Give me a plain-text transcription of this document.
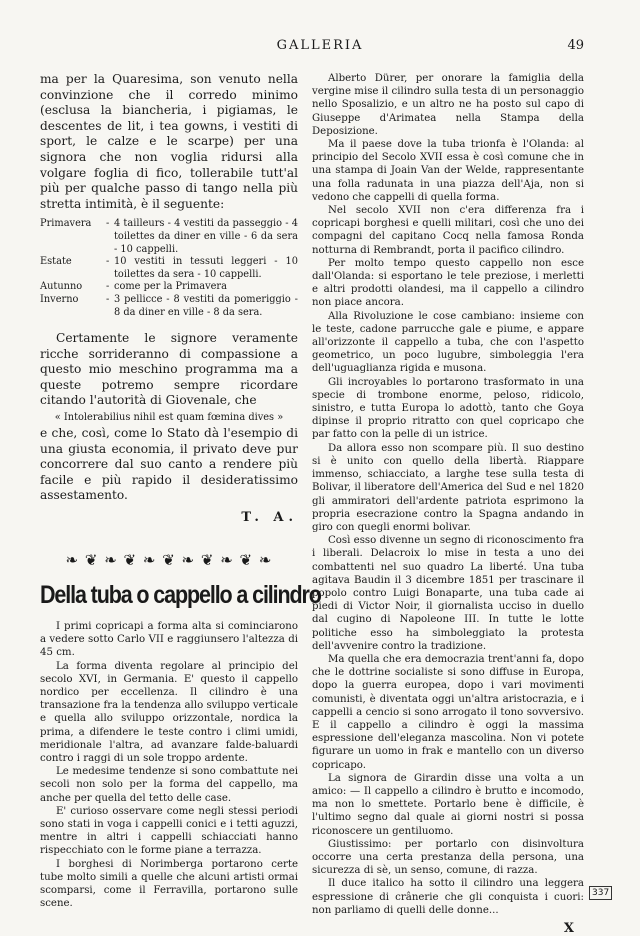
GALLERIA	49

ma per la Quaresima, son venuto nella convinzione che il corredo minimo (esclusa la biancheria, i pigiamas, le descentes de lit, i tea gowns, i vestiti di sport, le calze e le scarpe) per una signora che non voglia ridursi alla volgare foglia di fico, tollerabile tutt'al più per qualche passo di tango nella più stretta intimità, è il seguente:

Primavera	- 4 tailleurs - 4 vestiti da passeggio - 4 toilettes da diner en ville - 6 da sera - 10 cappelli.
Estate	- 10 vestiti in tessuti leggeri - 10 toilettes da sera - 10 cappelli.
Autunno	- come per la Primavera
Inverno	- 3 pellicce - 8 vestiti da pomeriggio - 8 da diner en ville - 8 da sera.

Certamente le signore veramente ricche sorrideranno di compassione a questo mio meschino programma ma a queste potremo sempre ricordare citando l'autorità di Giovenale, che

« Intolerabilius nihil est quam fœmina dives »

e che, così, come lo Stato dà l'esempio di una giusta economia, il privato deve pur concorrere dal suo canto a rendere più facile e più rapido il desideratissimo assestamento.

T. A.
❧ ❦ ❧ ❦ ❧ ❦ ❧ ❦ ❧ ❦ ❧
Della tuba o cappello a cilindro

I primi copricapi a forma alta si cominciarono a vedere sotto Carlo VII e raggiunsero l'altezza di 45 cm.

La forma diventa regolare al principio del secolo XVI, in Germania. E' questo il cappello nordico per eccellenza. Il cilindro è una transazione fra la tendenza allo sviluppo verticale e quella allo sviluppo orizzontale, nordica la prima, a difendere le teste contro i climi umidi, meridionale l'altra, ad avanzare falde-baluardi contro i raggi di un sole troppo ardente.

Le medesime tendenze si sono combattute nei secoli non solo per la forma del cappello, ma anche per quella del tetto delle case.

E' curioso osservare come negli stessi periodi sono stati in voga i cappelli conici e i tetti aguzzi, mentre in altri i cappelli schiacciati hanno rispecchiato con le forme piane a terrazza.

I borghesi di Norimberga portarono certe tube molto simili a quelle che alcuni artisti ormai scomparsi, come il Ferravilla, portarono sulle scene.

Alberto Dürer, per onorare la famiglia della vergine mise il cilindro sulla testa di un personaggio nello Sposalizio, e un altro ne ha posto sul capo di Giuseppe d'Arimatea nella Stampa della Deposizione.

Ma il paese dove la tuba trionfa è l'Olanda: al principio del Secolo XVII essa è così comune che in una stampa di Joain Van der Welde, rappresentante una folla radunata in una piazza dell'Aja, non si vedono che cappelli di quella forma.

Nel secolo XVII non c'era differenza fra i copricapi borghesi e quelli militari, così che uno dei compagni del capitano Cocq nella famosa Ronda notturna di Rembrandt, porta il pacifico cilindro.

Per molto tempo questo cappello non esce dall'Olanda: si esportano le tele preziose, i merletti e altri prodotti olandesi, ma il cappello a cilindro non piace ancora.

Alla Rivoluzione le cose cambiano: insieme con le teste, cadone parrucche gale e piume, e appare all'orizzonte il cappello a tuba, che con l'aspetto geometrico, un poco lugubre, simboleggia l'era dell'uguaglianza rigida e musona.

Gli incroyables lo portarono trasformato in una specie di trombone enorme, peloso, ridicolo, sinistro, e tutta Europa lo adottò, tanto che Goya dipinse il proprio ritratto con quel copricapo che par fatto con la pelle di un istrice.

Da allora esso non scompare più. Il suo destino si è unito con quello della libertà. Riappare immenso, schiacciato, a larghe tese sulla testa di Bolivar, il liberatore dell'America del Sud e nel 1820 gli ammiratori dell'ardente patriota esprimono la propria esecrazione contro la Spagna andando in giro con quegli enormi bolivar.

Così esso divenne un segno di riconoscimento fra i liberali. Delacroix lo mise in testa a uno dei combattenti nel suo quadro La liberté. Una tuba agitava Baudin il 3 dicembre 1851 per trascinare il popolo contro Luigi Bonaparte, una tuba cade ai piedi di Victor Noir, il giornalista ucciso in duello dal cugino di Napoleone III. In tutte le lotte politiche esso ha simboleggiato la protesta dell'avvenire contro la tradizione.

Ma quella che era democrazia trent'anni fa, dopo che le dottrine socialiste si sono diffuse in Europa, dopo la guerra europea, dopo i vari movimenti comunisti, è diventata oggi un'altra aristocrazia, e i cappelli a cencio si sono arrogato il tono sovversivo. E il cappello a cilindro è oggi la massima espressione dell'eleganza mascolina. Non vi potete figurare un uomo in frak e mantello con un diverso copricapo.

La signora de Girardin disse una volta a un amico: — Il cappello a cilindro è brutto e incomodo, ma non lo smettete. Portarlo bene è difficile, è l'ultimo segno dal quale ai giorni nostri si possa riconoscere un gentiluomo.

Giustissimo: per portarlo con disinvoltura occorre una certa prestanza della persona, una sicurezza di sè, un senso, comune, di razza.

Il duce italico ha sotto il cilindro una leggera espressione di crânerie che gli conquista i cuori: non parliamo di quelli delle donne...

X
337
